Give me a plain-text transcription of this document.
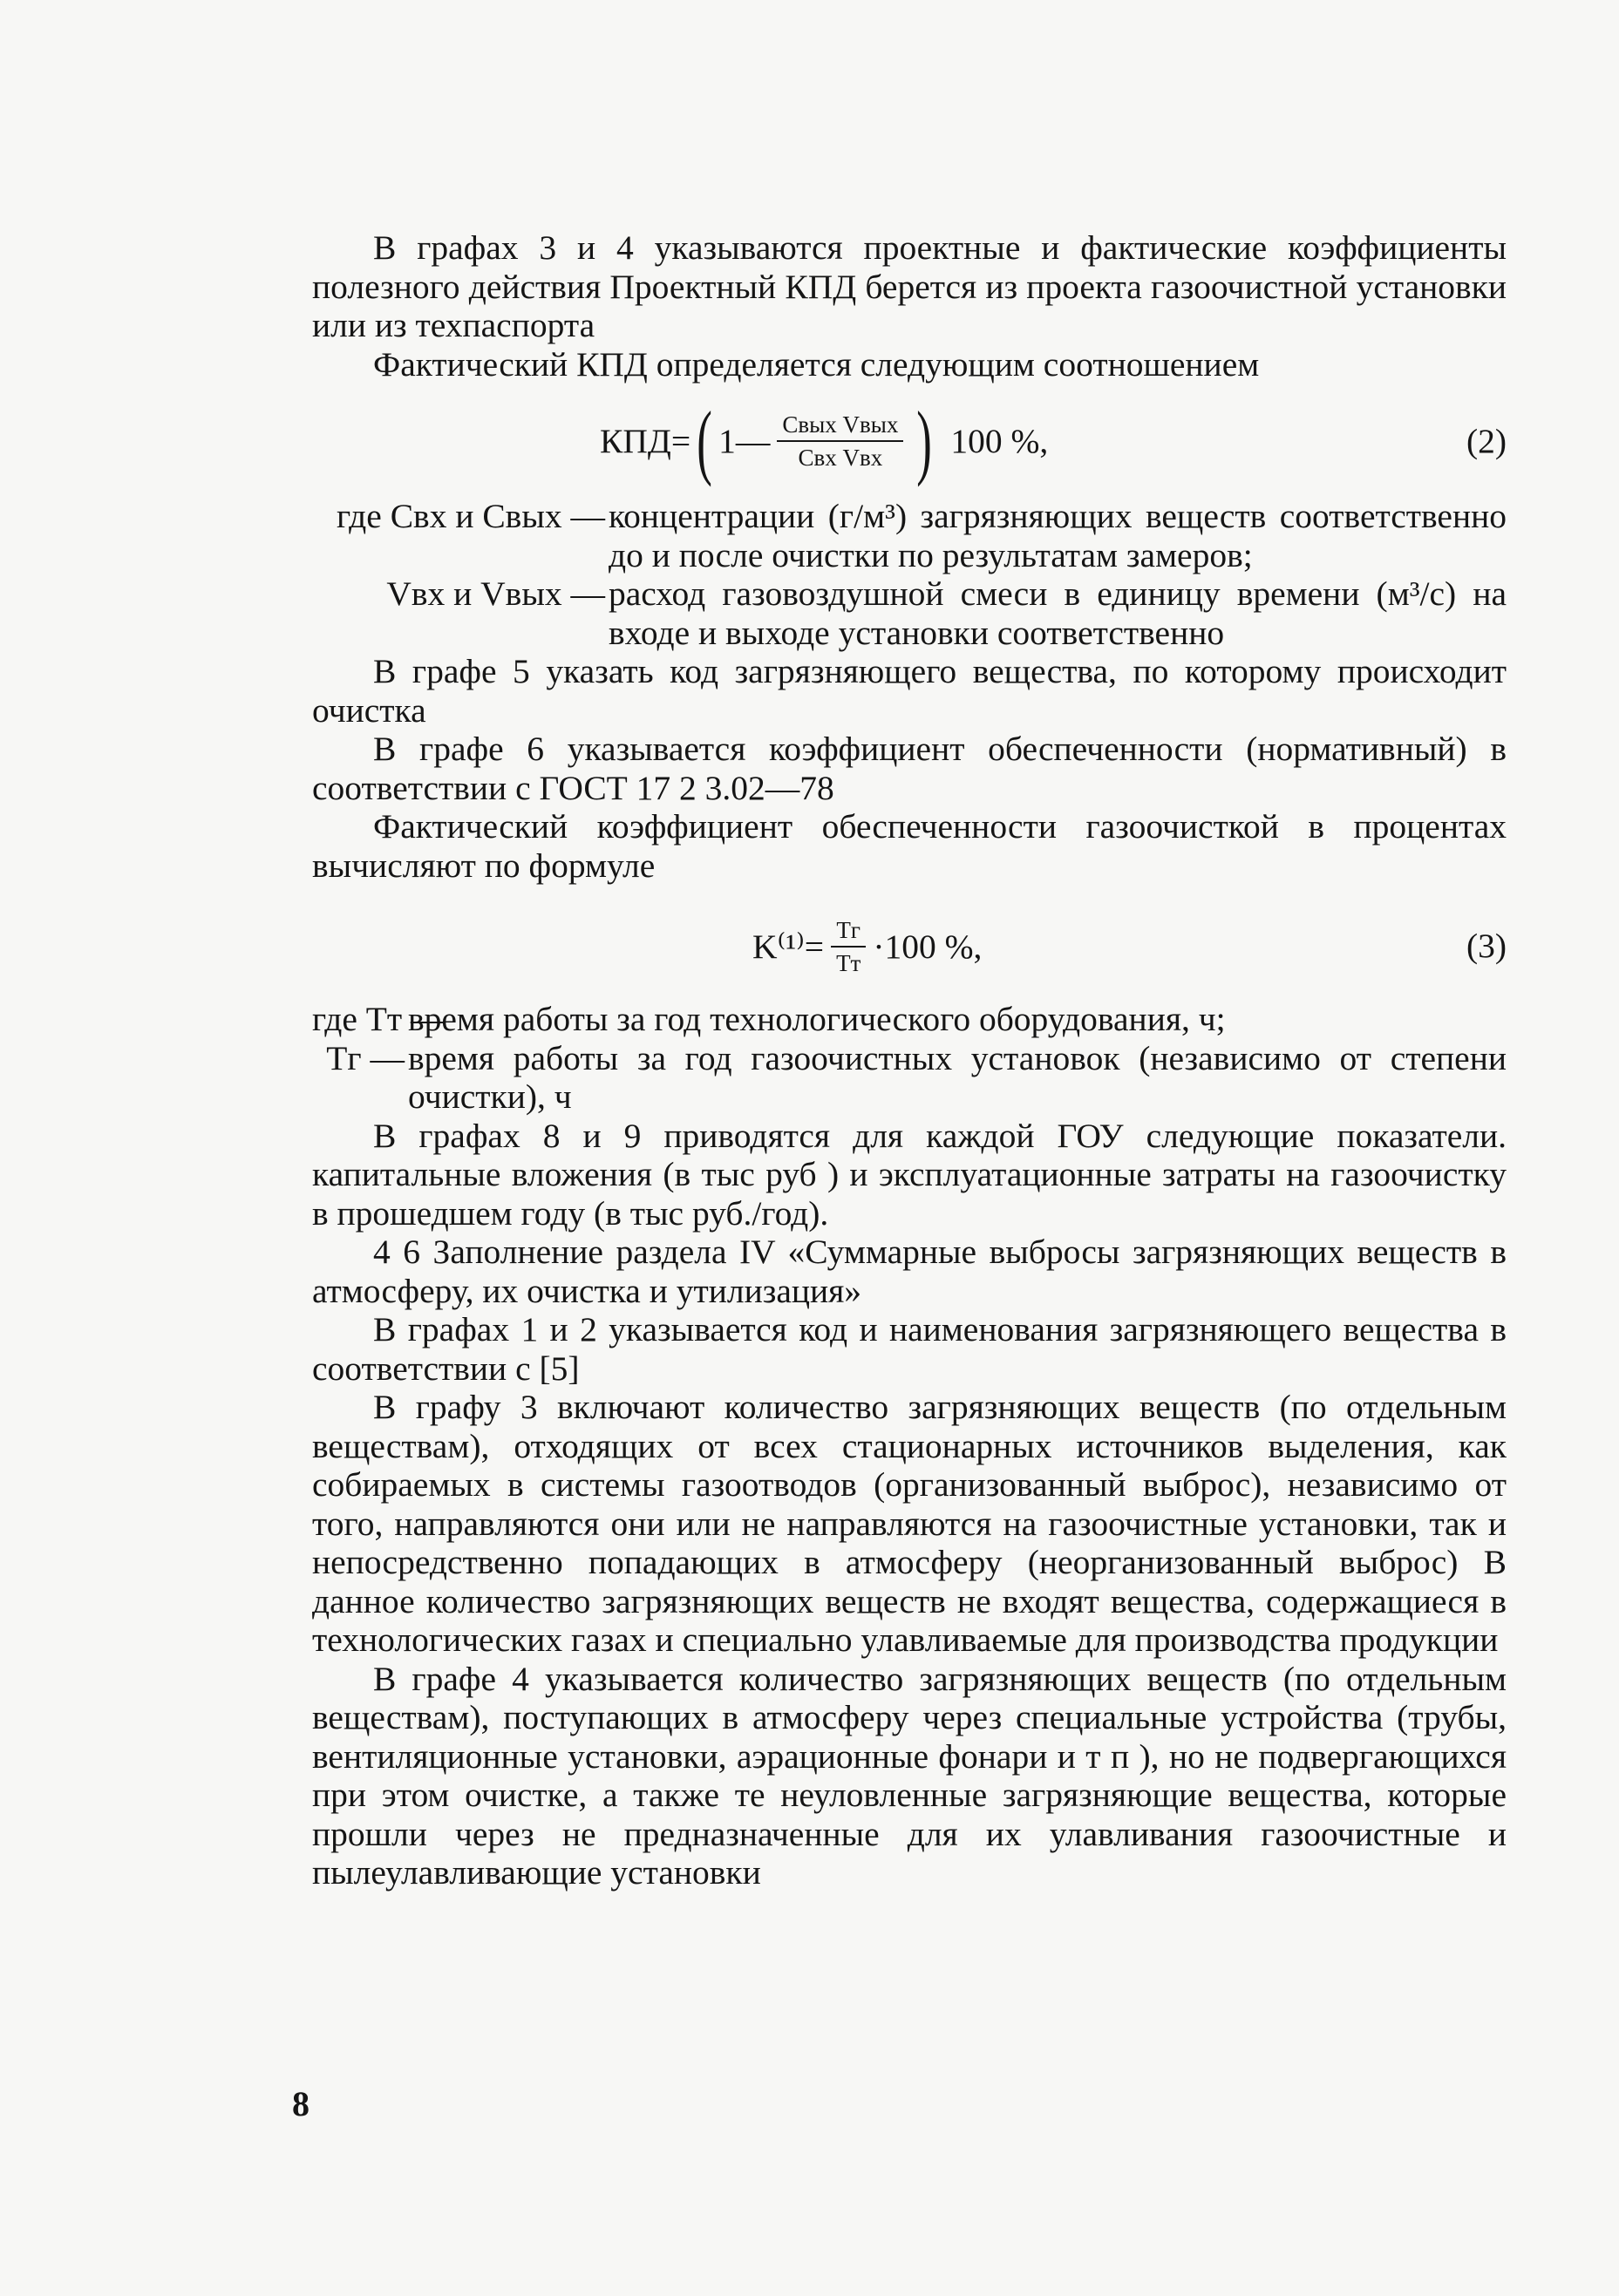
В графах 3 и 4 указываются проектные и фактические коэффициенты полезного действия Проектный КПД берется из проекта газоочистной установки или из техпаспорта

Фактический КПД определяется следующим соотношением

КПД= ( 1— $\frac{\text{Cвых Vвых}}{\text{Cвх Vвх}}$ ) 100 %,	(2)
где Cвх и Cвых — концентрации (г/м³) загрязняющих веществ соответственно до и после очистки по результатам замеров;
Vвх и Vвых — расход газовоздушной смеси в единицу времени (м³/с) на входе и выходе установки соответственно

В графе 5 указать код загрязняющего вещества, по которому происходит очистка

В графе 6 указывается коэффициент обеспеченности (нормативный) в соответствии с ГОСТ 17 2 3.02—78

Фактический коэффициент обеспеченности газоочисткой в процентах вычисляют по формуле

$K^{(1)}= \frac{Tг}{Tт} \cdot 100$ %,	(3)
где Tт —
время работы за год технологического оборудования, ч;
Tг — время работы за год газоочистных установок (независимо от степени очистки), ч

В графах 8 и 9 приводятся для каждой ГОУ следующие показатели. капитальные вложения (в тыс руб ) и эксплуатационные затраты на газоочистку в прошедшем году (в тыс руб./год).

4 6 Заполнение раздела IV «Суммарные выбросы загрязняющих веществ в атмосферу, их очистка и утилизация»

В графах 1 и 2 указывается код и наименования загрязняющего вещества в соответствии с [5]

В графу 3 включают количество загрязняющих веществ (по отдельным веществам), отходящих от всех стационарных источников выделения, как собираемых в системы газоотводов (организованный выброс), независимо от того, направляются они или не направляются на газоочистные установки, так и непосредственно попадающих в атмосферу (неорганизованный выброс) В данное количество загрязняющих веществ не входят вещества, содержащиеся в технологических газах и специально улавливаемые для производства продукции

В графе 4 указывается количество загрязняющих веществ (по отдельным веществам), поступающих в атмосферу через специальные устройства (трубы, вентиляционные установки, аэрационные фонари и т п ), но не подвергающихся при этом очистке, а также те неуловленные загрязняющие вещества, которые прошли через не предназначенные для их улавливания газоочистные и пылеулавливающие установки

8
